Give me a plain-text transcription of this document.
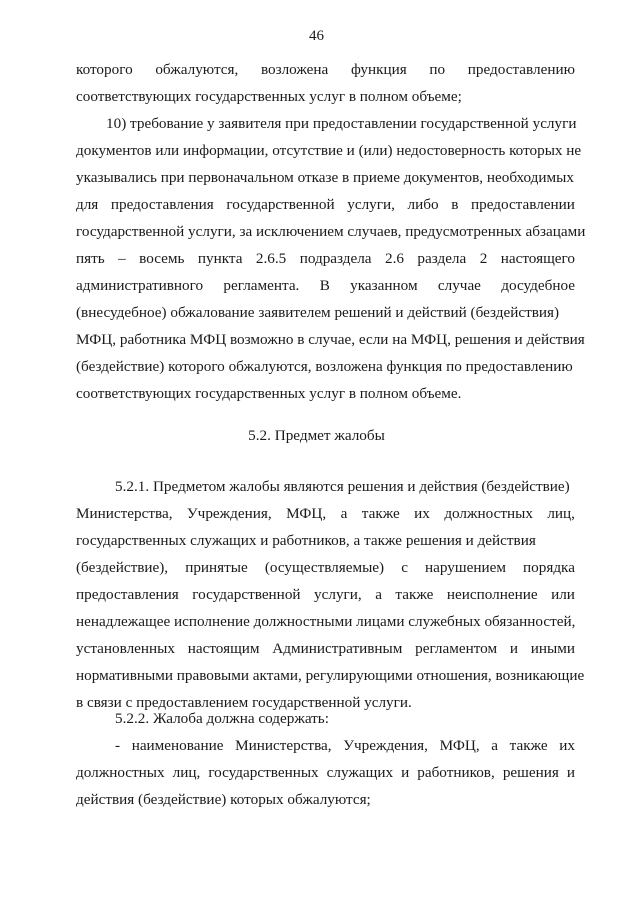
46
которого обжалуются, возложена функция по предоставлению
соответствующих государственных услуг в полном объеме;
10) требование у заявителя при предоставлении государственной услуги
документов или информации, отсутствие и (или) недостоверность которых не
указывались при первоначальном отказе в приеме документов, необходимых
для предоставления государственной услуги, либо в предоставлении
государственной услуги, за исключением случаев, предусмотренных абзацами
пять – восемь пункта 2.6.5 подраздела 2.6 раздела 2 настоящего
административного регламента. В указанном случае досудебное
(внесудебное) обжалование заявителем решений и действий (бездействия)
МФЦ, работника МФЦ возможно в случае, если на МФЦ, решения и действия
(бездействие) которого обжалуются, возложена функция по предоставлению
соответствующих государственных услуг в полном объеме.
5.2. Предмет жалобы
5.2.1. Предметом жалобы являются решения и действия (бездействие)
Министерства, Учреждения, МФЦ, а также их должностных лиц,
государственных служащих и работников, а также решения и действия
(бездействие), принятые (осуществляемые) с нарушением порядка
предоставления государственной услуги, а также неисполнение или
ненадлежащее исполнение должностными лицами служебных обязанностей,
установленных настоящим Административным регламентом и иными
нормативными правовыми актами, регулирующими отношения, возникающие
в связи с предоставлением государственной услуги.
5.2.2. Жалоба должна содержать:
- наименование Министерства, Учреждения, МФЦ, а также их
должностных лиц, государственных служащих и работников, решения и
действия (бездействие) которых обжалуются;
